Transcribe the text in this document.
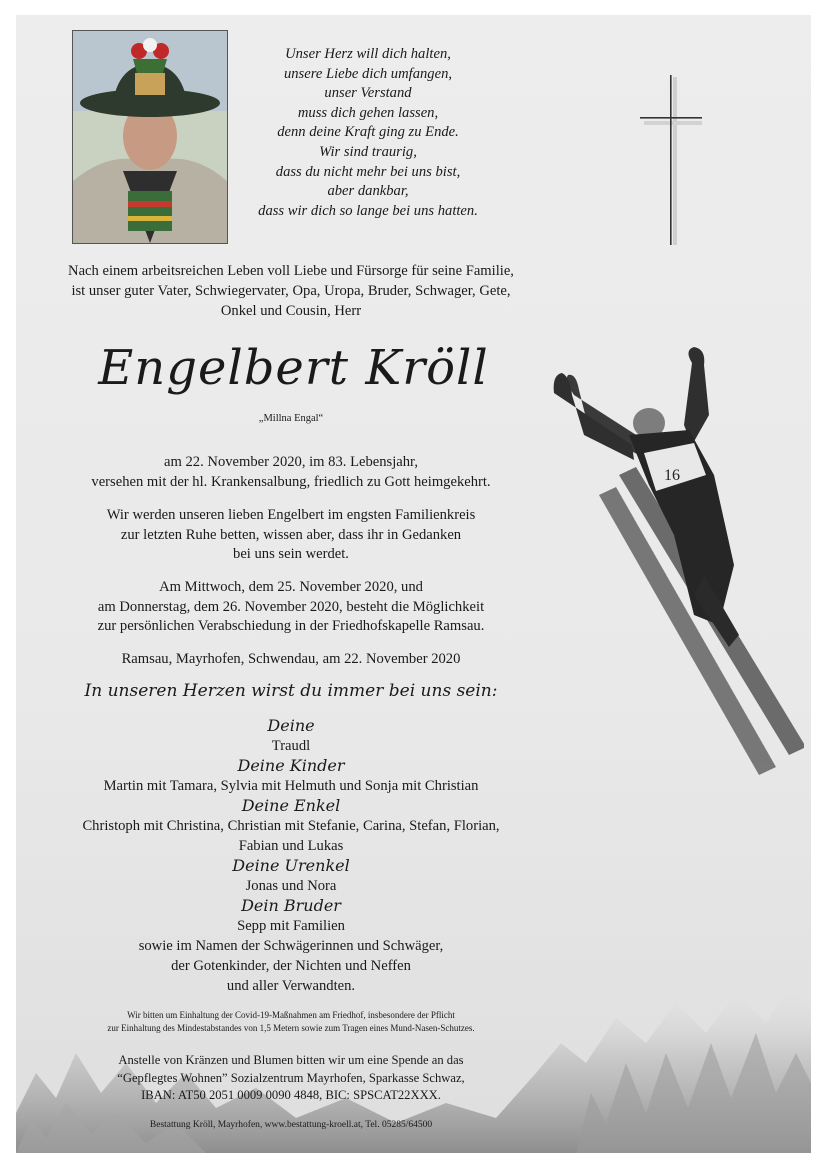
Unser Herz will dich halten,
unsere Liebe dich umfangen,
unser Verstand
muss dich gehen lassen,
denn deine Kraft ging zu Ende.
Wir sind traurig,
dass du nicht mehr bei uns bist,
aber dankbar,
dass wir dich so lange bei uns hatten.
Nach einem arbeitsreichen Leben voll Liebe und Fürsorge für seine Familie,
ist unser guter Vater, Schwiegervater, Opa, Uropa, Bruder, Schwager, Gete,
Onkel und Cousin, Herr
Engelbert Kröll
„Millna Engal“
am 22. November 2020, im 83. Lebensjahr,
versehen mit der hl. Krankensalbung, friedlich zu Gott heimgekehrt.
Wir werden unseren lieben Engelbert im engsten Familienkreis
zur letzten Ruhe betten, wissen aber, dass ihr in Gedanken
bei uns sein werdet.
Am Mittwoch, dem 25. November 2020, und
am Donnerstag, dem 26. November 2020, besteht die Möglichkeit
zur persönlichen Verabschiedung in der Friedhofskapelle Ramsau.
Ramsau, Mayrhofen, Schwendau, am 22. November 2020
In unseren Herzen wirst du immer bei uns sein:
Deine
Traudl
Deine Kinder
Martin mit Tamara, Sylvia mit Helmuth und Sonja mit Christian
Deine Enkel
Christoph mit Christina, Christian mit Stefanie, Carina, Stefan, Florian,
Fabian und Lukas
Deine Urenkel
Jonas und Nora
Dein Bruder
Sepp mit Familien
sowie im Namen der Schwägerinnen und Schwäger,
der Gotenkinder, der Nichten und Neffen
und aller Verwandten.
Wir bitten um Einhaltung der Covid-19-Maßnahmen am Friedhof, insbesondere der Pflicht
zur Einhaltung des Mindestabstandes von 1,5 Metern sowie zum Tragen eines Mund-Nasen-Schutzes.
Anstelle von Kränzen und Blumen bitten wir um eine Spende an das
“Gepflegtes Wohnen” Sozialzentrum Mayrhofen, Sparkasse Schwaz,
IBAN: AT50 2051 0009 0090 4848, BIC: SPSCAT22XXX.
Bestattung Kröll, Mayrhofen, www.bestattung-kroell.at, Tel. 05285/64500
16
